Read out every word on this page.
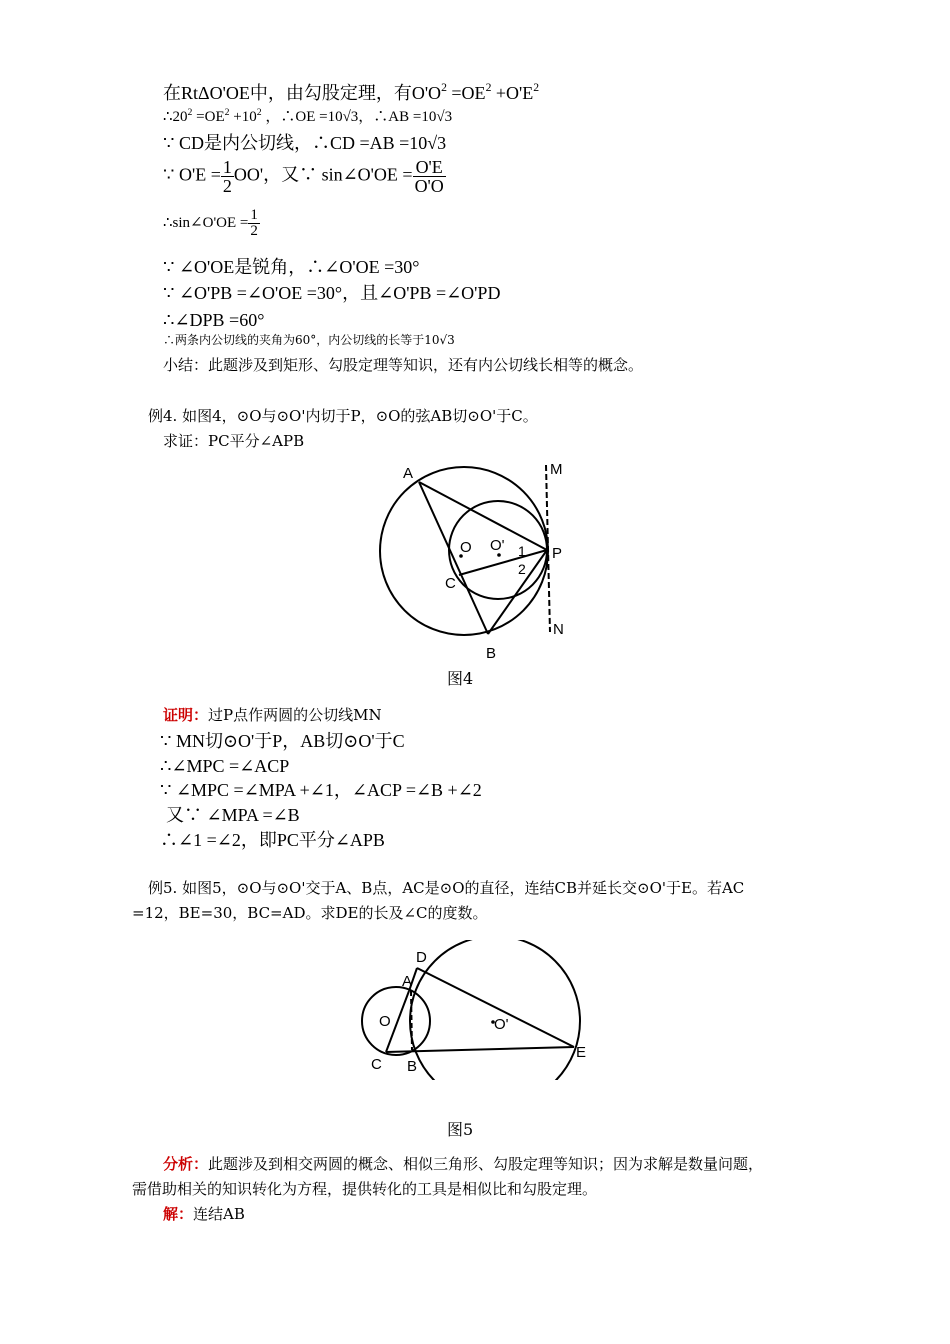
在RtΔO'OE中，由勾股定理，有$O'O^2 =OE^2 +O'E^2$
$\therefore 20^2 =OE^2 +10^2$ ，∴OE =10√3，∴AB =10√3
∵ CD是内公切线，∴CD =AB =10√3
∵ $O'E = \frac{1}{2} OO'$，又∵ sin∠O'OE = $\frac{O'E}{O'O}$
∴sin∠O'OE = $\frac{1}{2}$
∵ ∠O'OE是锐角，∴∠O'OE =30°
∵ ∠O'PB =∠O'OE =30°，且∠O'PB =∠O'PD
∴∠DPB =60°
∴两条内公切线的夹角为60°，内公切线的长等于10√3
小结：此题涉及到矩形、勾股定理等知识，还有内公切线长相等的概念。
例4. 如图4，⊙O与⊙O'内切于P，⊙O的弦AB切⊙O'于C。
求证：PC平分∠APB
A	M
O O' 1
2
P
C
N
B
图4
证明：过P点作两圆的公切线MN
∵ MN切⊙O'于P，AB切⊙O'于C
∴∠MPC =∠ACP
∵ ∠MPC =∠MPA +∠1，∠ACP =∠B +∠2
又∵ ∠MPA =∠B
∴∠1 =∠2，即PC平分∠APB
例5. 如图5，⊙O与⊙O'交于A、B点，AC是⊙O的直径，连结CB并延长交⊙O'于E。若AC
=12，BE=30，BC=AD。求DE的长及∠C的度数。
D
A
O	O'
E
C B
图5
分析：此题涉及到相交两圆的概念、相似三角形、勾股定理等知识；因为求解是数量问题，
需借助相关的知识转化为方程，提供转化的工具是相似比和勾股定理。
解：连结AB
